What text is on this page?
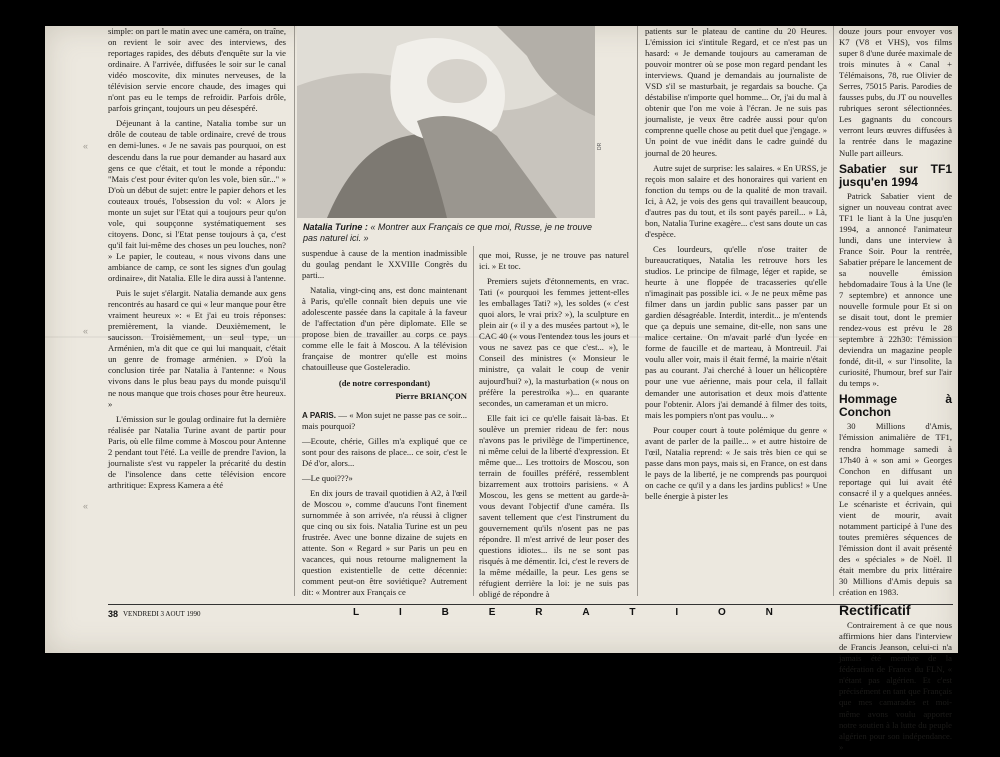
«
«
«

simple: on part le matin avec une caméra, on traîne, on revient le soir avec des interviews, des reportages rapides, des débuts d'enquête sur la vie ordinaire. A l'arrivée, diffusées le soir sur le canal vidéo moscovite, dix minutes nerveuses, de la télévision servie encore chaude, des images qui n'ont pas eu le temps de refroidir. Parfois drôle, parfois grinçant, toujours un peu désespéré.

Déjeunant à la cantine, Natalia tombe sur un drôle de couteau de table ordinaire, crevé de trous en demi-lunes. « Je ne savais pas pourquoi, on est descendu dans la rue pour demander au hasard aux gens ce que c'était, et tout le monde a répondu: "Mais c'est pour éviter qu'on les vole, bien sûr..." » D'où un début de sujet: entre le papier dehors et les couteaux troués, l'obsession du vol: « Alors je monte un sujet sur l'Etat qui a toujours peur qu'on vole, qui soupçonne systématiquement ses citoyens. Donc, si l'Etat pense toujours à ça, c'est qu'il fait lui-même des choses un peu louches, non? » Le papier, le couteau, « nous vivons dans une ambiance de camp, ce sont les signes d'un goulag ordinaire», dit Natalia. Elle le dira aussi à l'antenne.

Puis le sujet s'élargit. Natalia demande aux gens rencontrés au hasard ce qui « leur manque pour être vraiment heureux »: « Et j'ai eu trois réponses: premièrement, la viande. Deuxièmement, le saucisson. Troisièmement, un seul type, un Arménien, m'a dit que ce qui lui manquait, c'était un genre de fromage arménien. » D'où la conclusion tirée par Natalia à l'antenne: « Nous vivons dans le plus beau pays du monde puisqu'il ne nous manque que trois choses pour être heureux. »

L'émission sur le goulag ordinaire fut la dernière réalisée par Natalia Turine avant de partir pour Paris, où elle filme comme à Moscou pour Antenne 2 pendant tout l'été. La veille de prendre l'avion, la journaliste s'est vu rappeler la précarité du destin de l'insolence dans cette télévision encore arthritique: Express Kamera a été

DR
Natalia Turine : « Montrer aux Français ce que moi, Russe, je ne trouve pas naturel ici. »

suspendue à cause de la mention inadmissible du goulag pendant le XXVIIIe Congrès du parti...

Natalia, vingt-cinq ans, est donc maintenant à Paris, qu'elle connaît bien depuis une vie adolescente passée dans la capitale à la faveur de l'affectation d'un père diplomate. Elle se propose bien de travailler au corps ce pays comme elle le fait à Moscou. A la télévision française de montrer qu'elle est moins chatouilleuse que Gosteleradio.

(de notre correspondant)
Pierre BRIANÇON

A PARIS. — « Mon sujet ne passe pas ce soir... mais pourquoi?

—Ecoute, chérie, Gilles m'a expliqué que ce sont pour des raisons de place... ce soir, c'est le Dé d'or, alors...

—Le quoi???»

En dix jours de travail quotidien à A2, à l'œil de Moscou », comme d'aucuns l'ont finement surnommée à son arrivée, n'a réussi à cligner que cinq ou six fois. Natalia Turine est un peu frustrée. Avec une bonne dizaine de sujets en attente. Son « Regard » sur Paris un peu en vacances, qui nous retourne malignement la question existentielle de cette décennie: comment peut-on être soviétique? Autrement dit: « Montrer aux Français ce

que moi, Russe, je ne trouve pas naturel ici. » Et toc.

Premiers sujets d'étonnements, en vrac. Tati (« pourquoi les femmes jettent-elles les emballages Tati? »), les soldes (« c'est quoi alors, le vrai prix? »), la sculpture en plein air (« il y a des musées partout »), le CAC 40 (« vous l'entendez tous les jours et vous ne savez pas ce que c'est... »), le Conseil des ministres (« Monsieur le ministre, ça valait le coup de venir aujourd'hui? »), la masturbation (« nous on préfère la perestroïka »)... en quarante secondes, un cameraman et un micro.

Elle fait ici ce qu'elle faisait là-bas. Et soulève un premier rideau de fer: nous n'avons pas le privilège de l'impertinence, ni même celui de la liberté d'expression. Et même que... Les trottoirs de Moscou, son terrain de fouilles préféré, ressemblent bizarrement aux trottoirs parisiens. « A Moscou, les gens se mettent au garde-à-vous devant l'objectif d'une caméra. Ils savent tellement que c'est l'instrument du gouvernement qu'ils n'osent pas ne pas répondre. Il m'est arrivé de leur poser des questions idiotes... ils ne se sont pas risqués à me démentir. Ici, c'est le revers de la même médaille, la peur. Les gens se réfugient derrière la loi: je ne suis pas obligé de répondre à

patients sur le plateau de cantine du 20 Heures. L'émission ici s'intitule Regard, et ce n'est pas un hasard: « Je demande toujours au cameraman de pouvoir montrer où se pose mon regard pendant les interviews. Quand je demandais au journaliste de VSD s'il se masturbait, je regardais sa bouche. Ça déstabilise n'importe quel homme... Or, j'ai du mal à obtenir que l'on me voie à l'écran. Je ne suis pas journaliste, je veux être cadrée aussi pour qu'on comprenne quelle chose au petit duel que j'engage. » Un point de vue inédit dans le cadre guindé du journal de 20 heures.

Autre sujet de surprise: les salaires. « En URSS, je reçois mon salaire et des honoraires qui varient en fonction du temps ou de la qualité de mon travail. Ici, à A2, je vois des gens qui travaillent beaucoup, d'autres pas du tout, et ils sont payés pareil... » Là, bon, Natalia Turine exagère... c'est sans doute un cas d'espèce.

Ces lourdeurs, qu'elle n'ose traiter de bureaucratiques, Natalia les retrouve hors les studios. Le principe de filmage, léger et rapide, se heurte à une floppée de tracasseries qu'elle n'imaginait pas possible ici. « Je ne peux même pas filmer dans un jardin public sans passer par un gardien désagréable. Interdit, interdit... je m'entends que ça depuis une semaine, dit-elle, non sans une malice certaine. On m'avait parlé d'un lycée en forme de faucille et de marteau, à Montreuil. J'ai voulu aller voir, mais il était fermé, la mairie n'était pas au courant. J'ai cherché à louer un hélicoptère pour une vue aérienne, mais pour cela, il fallait demander une autorisation et deux mois d'attente pour l'obtenir. Alors j'ai demandé à filmer des toits, mais les pompiers n'ont pas voulu... »

Pour couper court à toute polémique du genre « avant de parler de la paille... » et autre histoire de l'œil, Natalia reprend: « Je sais très bien ce qui se passe dans mon pays, mais si, en France, on est dans le pays de la liberté, je ne comprends pas pourquoi on cache ce qu'il y a dans les jardins publics! » Une belle énergie à pister les

douze jours pour envoyer vos K7 (V8 et VHS), vos films super 8 d'une durée maximale de trois minutes à « Canal + Télémaisons, 78, rue Olivier de Serres, 75015 Paris. Parodies de fausses pubs, du JT ou nouvelles rubriques seront sélectionnées. Les gagnants du concours verront leurs œuvres diffusées à la rentrée dans le magazine Nulle part ailleurs.

Sabatier sur TF1 jusqu'en 1994

Patrick Sabatier vient de signer un nouveau contrat avec TF1 le liant à la Une jusqu'en 1994, a annoncé l'animateur lundi, dans une interview à France Soir. Pour la rentrée, Sabatier prépare le lancement de sa nouvelle émission hebdomadaire Tous à la Une (le 7 septembre) et annonce une nouvelle formule pour Et si on se disait tout, dont le premier rendez-vous est prévu le 28 septembre à 22h30: l'émission deviendra un magazine people fondé, dit-il, « sur l'insolite, la curiosité, l'humour, bref sur l'air du temps ».

Hommage à Conchon

30 Millions d'Amis, l'émission animalière de TF1, rendra hommage samedi à 17h40 à « son ami » Georges Conchon en diffusant un reportage qui lui avait été consacré il y a quelques années. Le scénariste et écrivain, qui vient de mourir, avait notamment participé à l'une des toutes premières séquences de l'émission dont il avait présenté des « spéciales » de Noël. Il était membre du prix littéraire 30 Millions d'Amis depuis sa création en 1983.

Rectificatif

Contrairement à ce que nous affirmions hier dans l'interview de Francis Jeanson, celui-ci n'a jamais été membre de la fédération de France du FLN, « n'étant pas algérien. Et c'est précisément en tant que Français que mes camarades et moi-même avons voulu apporter notre soutien à la lutte du peuple algérien pour son indépendance. »

38 VENDREDI 3 AOUT 1990	L	I	B	E	R	A	T	I	O	N
